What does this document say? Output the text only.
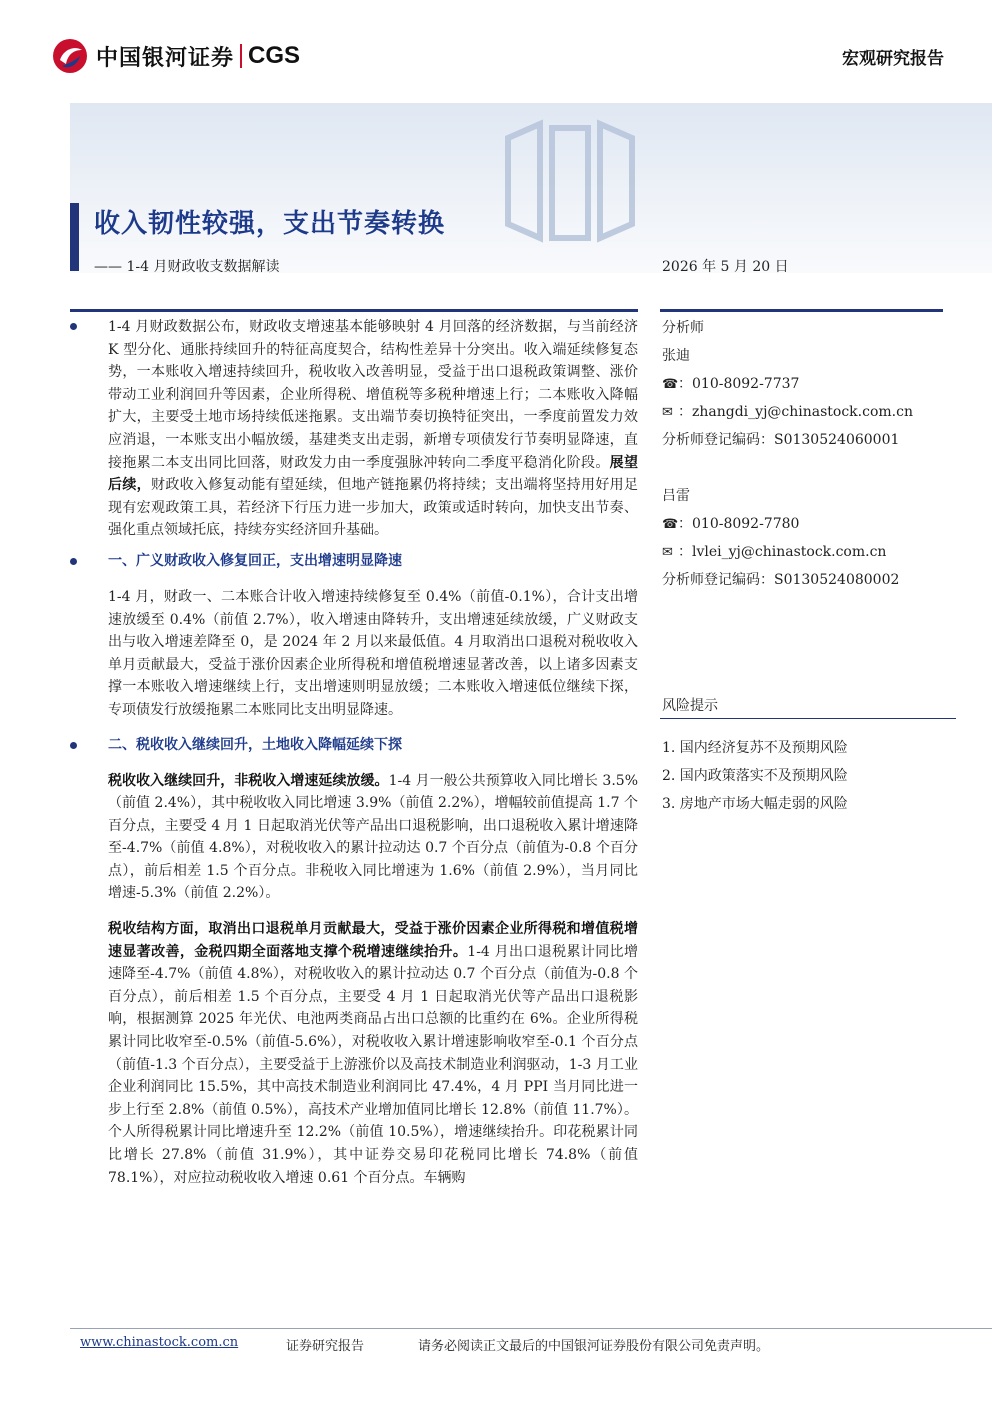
中国银河证券 CGS	宏观研究报告
收入韧性较强，支出节奏转换
—— 1-4 月财政收支数据解读	2026 年 5 月 20 日
1-4 月财政数据公布，财政收支增速基本能够映射 4 月回落的经济数据，与当前经济 K 型分化、通胀持续回升的特征高度契合，结构性差异十分突出。收入端延续修复态势，一本账收入增速持续回升，税收收入改善明显，受益于出口退税政策调整、涨价带动工业利润回升等因素，企业所得税、增值税等多税种增速上行；二本账收入降幅扩大，主要受土地市场持续低迷拖累。支出端节奏切换特征突出，一季度前置发力效应消退，一本账支出小幅放缓，基建类支出走弱，新增专项债发行节奏明显降速，直接拖累二本支出同比回落，财政发力由一季度强脉冲转向二季度平稳消化阶段。展望后续，财政收入修复动能有望延续，但地产链拖累仍将持续；支出端将坚持用好用足现有宏观政策工具，若经济下行压力进一步加大，政策或适时转向，加快支出节奏、强化重点领域托底，持续夯实经济回升基础。
一、广义财政收入修复回正，支出增速明显降速
1-4 月，财政一、二本账合计收入增速持续修复至 0.4%（前值-0.1%），合计支出增速放缓至 0.4%（前值 2.7%），收入增速由降转升，支出增速延续放缓，广义财政支出与收入增速差降至 0，是 2024 年 2 月以来最低值。4 月取消出口退税对税收收入单月贡献最大，受益于涨价因素企业所得税和增值税增速显著改善，以上诸多因素支撑一本账收入增速继续上行，支出增速则明显放缓；二本账收入增速低位继续下探，专项债发行放缓拖累二本账同比支出明显降速。
二、税收收入继续回升，土地收入降幅延续下探
税收收入继续回升，非税收入增速延续放缓。1-4 月一般公共预算收入同比增长 3.5%（前值 2.4%），其中税收收入同比增速 3.9%（前值 2.2%），增幅较前值提高 1.7 个百分点，主要受 4 月 1 日起取消光伏等产品出口退税影响，出口退税收入累计增速降至-4.7%（前值 4.8%），对税收收入的累计拉动达 0.7 个百分点（前值为-0.8 个百分点），前后相差 1.5 个百分点。非税收入同比增速为 1.6%（前值 2.9%），当月同比增速-5.3%（前值 2.2%）。
税收结构方面，取消出口退税单月贡献最大，受益于涨价因素企业所得税和增值税增速显著改善，金税四期全面落地支撑个税增速继续抬升。1-4 月出口退税累计同比增速降至-4.7%（前值 4.8%），对税收收入的累计拉动达 0.7 个百分点（前值为-0.8 个百分点），前后相差 1.5 个百分点，主要受 4 月 1 日起取消光伏等产品出口退税影响，根据测算 2025 年光伏、电池两类商品占出口总额的比重约在 6%。企业所得税累计同比收窄至-0.5%（前值-5.6%），对税收收入累计增速影响收窄至-0.1 个百分点（前值-1.3 个百分点），主要受益于上游涨价以及高技术制造业利润驱动，1-3 月工业企业利润同比 15.5%，其中高技术制造业利润同比 47.4%，4 月 PPI 当月同比进一步上行至 2.8%（前值 0.5%），高技术产业增加值同比增长 12.8%（前值 11.7%）。个人所得税累计同比增速升至 12.2%（前值 10.5%），增速继续抬升。印花税累计同比增长 27.8%（前值 31.9%），其中证券交易印花税同比增长 74.8%（前值 78.1%），对应拉动税收收入增速 0.61 个百分点。车辆购
分析师
张迪
☎：010-8092-7737
✉ ：zhangdi_yj@chinastock.com.cn
分析师登记编码：S0130524060001
吕雷
☎：010-8092-7780
✉ ：lvlei_yj@chinastock.com.cn
分析师登记编码：S0130524080002
风险提示
1. 国内经济复苏不及预期风险
2. 国内政策落实不及预期风险
3. 房地产市场大幅走弱的风险
www.chinastock.com.cn	证券研究报告	请务必阅读正文最后的中国银河证券股份有限公司免责声明。
